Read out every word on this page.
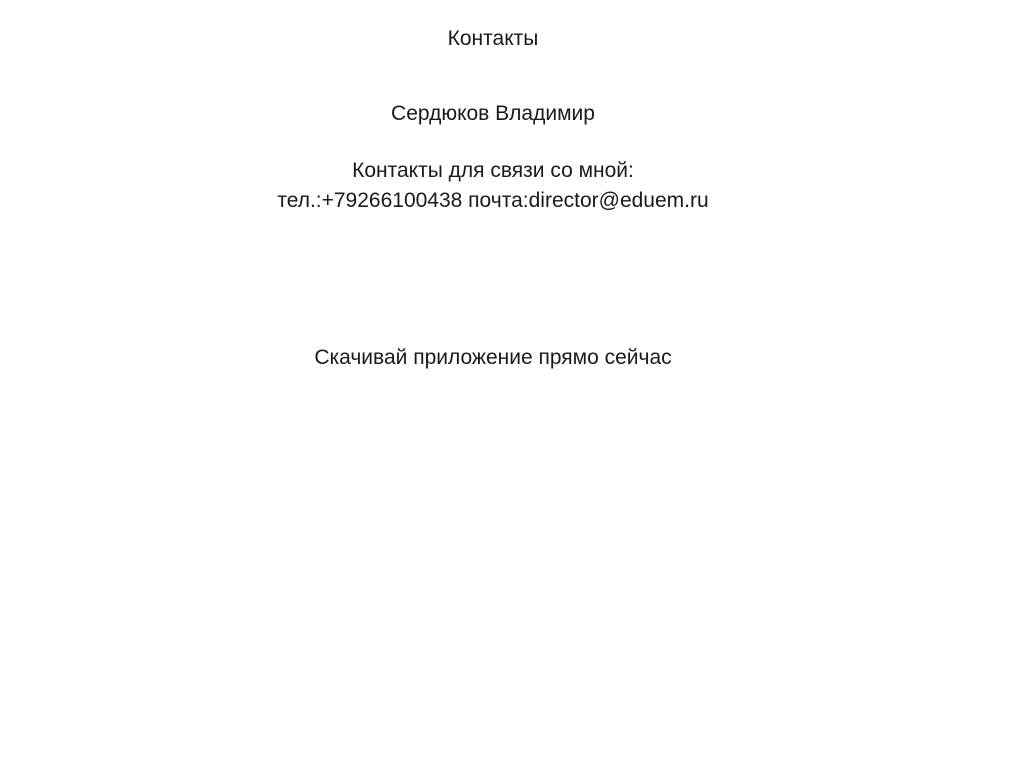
Контакты
Сердюков Владимир
Контакты для связи со мной:
тел.:+79266100438 почта:director@eduem.ru
Скачивай приложение прямо сейчас
